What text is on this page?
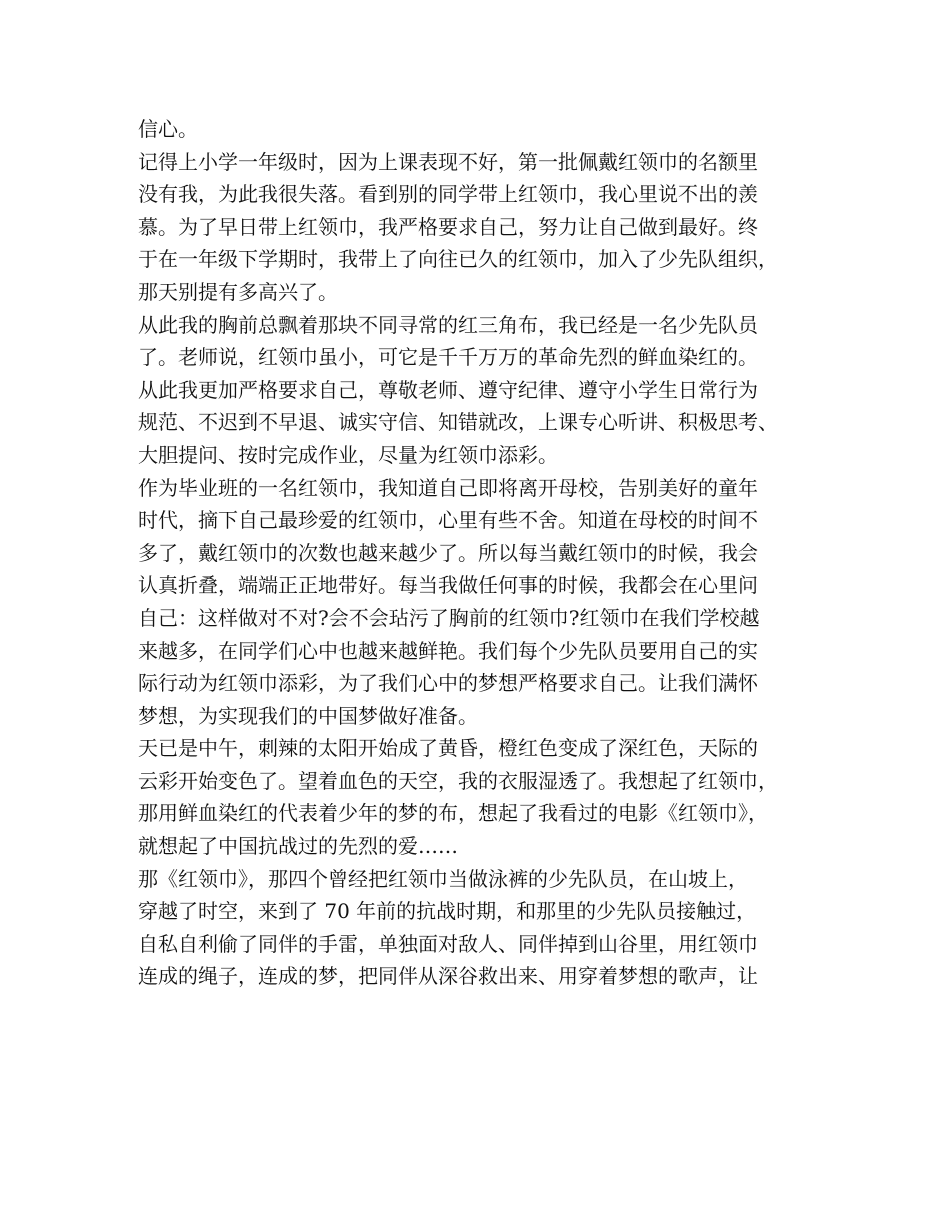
信心。
记得上小学一年级时，因为上课表现不好，第一批佩戴红领巾的名额里
没有我，为此我很失落。看到别的同学带上红领巾，我心里说不出的羡
慕。为了早日带上红领巾，我严格要求自己，努力让自己做到最好。终
于在一年级下学期时，我带上了向往已久的红领巾，加入了少先队组织，
那天别提有多高兴了。
从此我的胸前总飘着那块不同寻常的红三角布，我已经是一名少先队员
了。老师说，红领巾虽小，可它是千千万万的革命先烈的鲜血染红的。
从此我更加严格要求自己，尊敬老师、遵守纪律、遵守小学生日常行为
规范、不迟到不早退、诚实守信、知错就改，上课专心听讲、积极思考、
大胆提问、按时完成作业，尽量为红领巾添彩。
作为毕业班的一名红领巾，我知道自己即将离开母校，告别美好的童年
时代，摘下自己最珍爱的红领巾，心里有些不舍。知道在母校的时间不
多了，戴红领巾的次数也越来越少了。所以每当戴红领巾的时候，我会
认真折叠，端端正正地带好。每当我做任何事的时候，我都会在心里问
自己：这样做对不对?会不会玷污了胸前的红领巾?红领巾在我们学校越
来越多，在同学们心中也越来越鲜艳。我们每个少先队员要用自己的实
际行动为红领巾添彩，为了我们心中的梦想严格要求自己。让我们满怀
梦想，为实现我们的中国梦做好准备。
天已是中午，刺辣的太阳开始成了黄昏，橙红色变成了深红色，天际的
云彩开始变色了。望着血色的天空，我的衣服湿透了。我想起了红领巾，
那用鲜血染红的代表着少年的梦的布，想起了我看过的电影《红领巾》，
就想起了中国抗战过的先烈的爱……
那《红领巾》，那四个曾经把红领巾当做泳裤的少先队员，在山坡上，
穿越了时空，来到了 70 年前的抗战时期，和那里的少先队员接触过，
自私自利偷了同伴的手雷，单独面对敌人、同伴掉到山谷里，用红领巾
连成的绳子，连成的梦，把同伴从深谷救出来、用穿着梦想的歌声，让
